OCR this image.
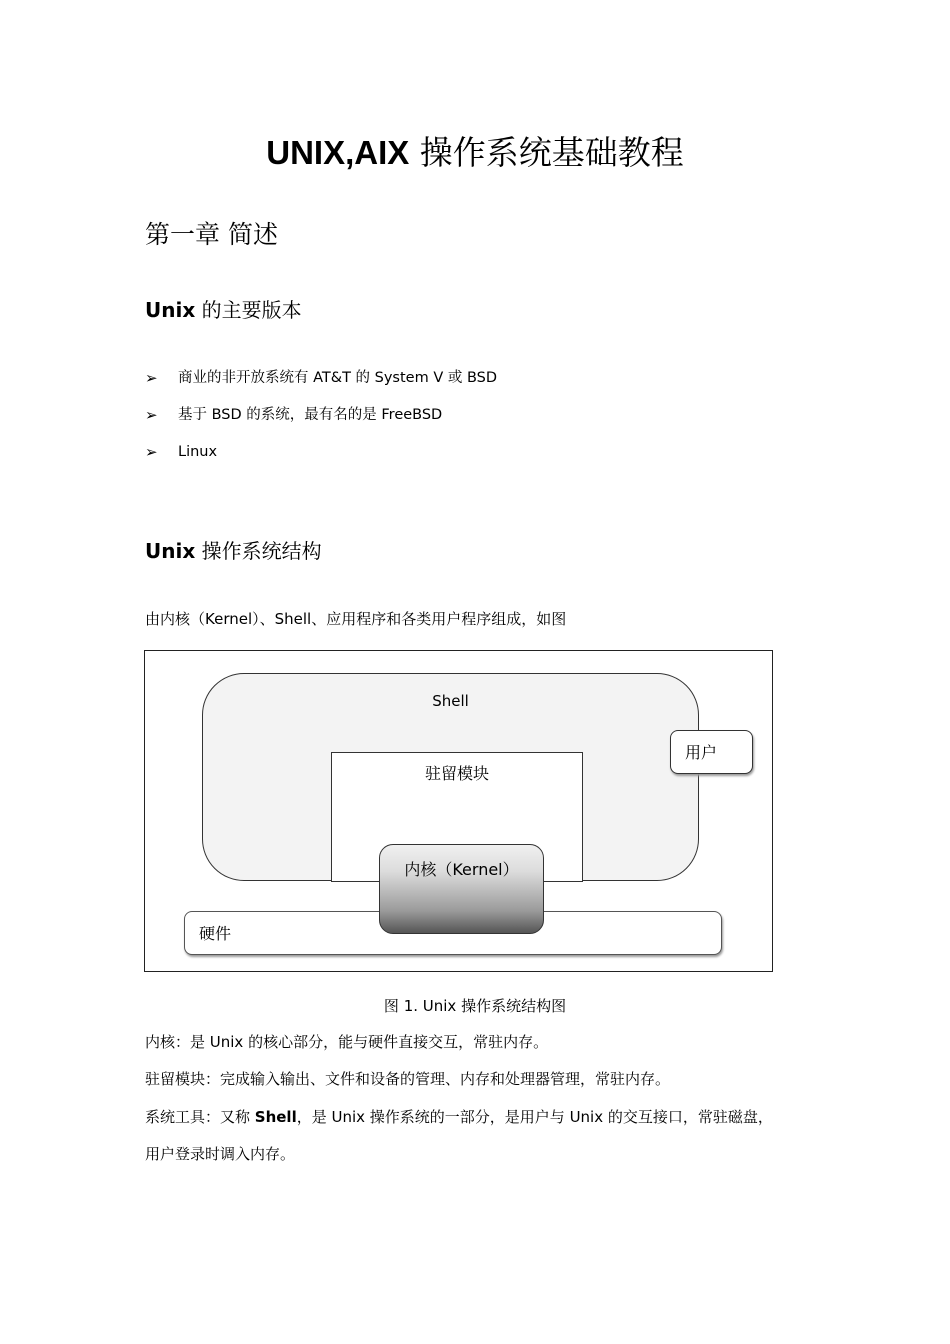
UNIX,AIX 操作系统基础教程
第一章 简述
Unix 的主要版本
➢ 商业的非开放系统有 AT&T 的 System V 或 BSD
➢ 基于 BSD 的系统，最有名的是 FreeBSD
➢ Linux
Unix 操作系统结构
由内核（Kernel）、Shell、应用程序和各类用户程序组成，如图
Shell
驻留模块
用户
硬件
内核（Kernel）
图 1. Unix 操作系统结构图
内核：是 Unix 的核心部分，能与硬件直接交互，常驻内存。
驻留模块：完成输入输出、文件和设备的管理、内存和处理器管理，常驻内存。
系统工具：又称 Shell，是 Unix 操作系统的一部分，是用户与 Unix 的交互接口，常驻磁盘，
用户登录时调入内存。
